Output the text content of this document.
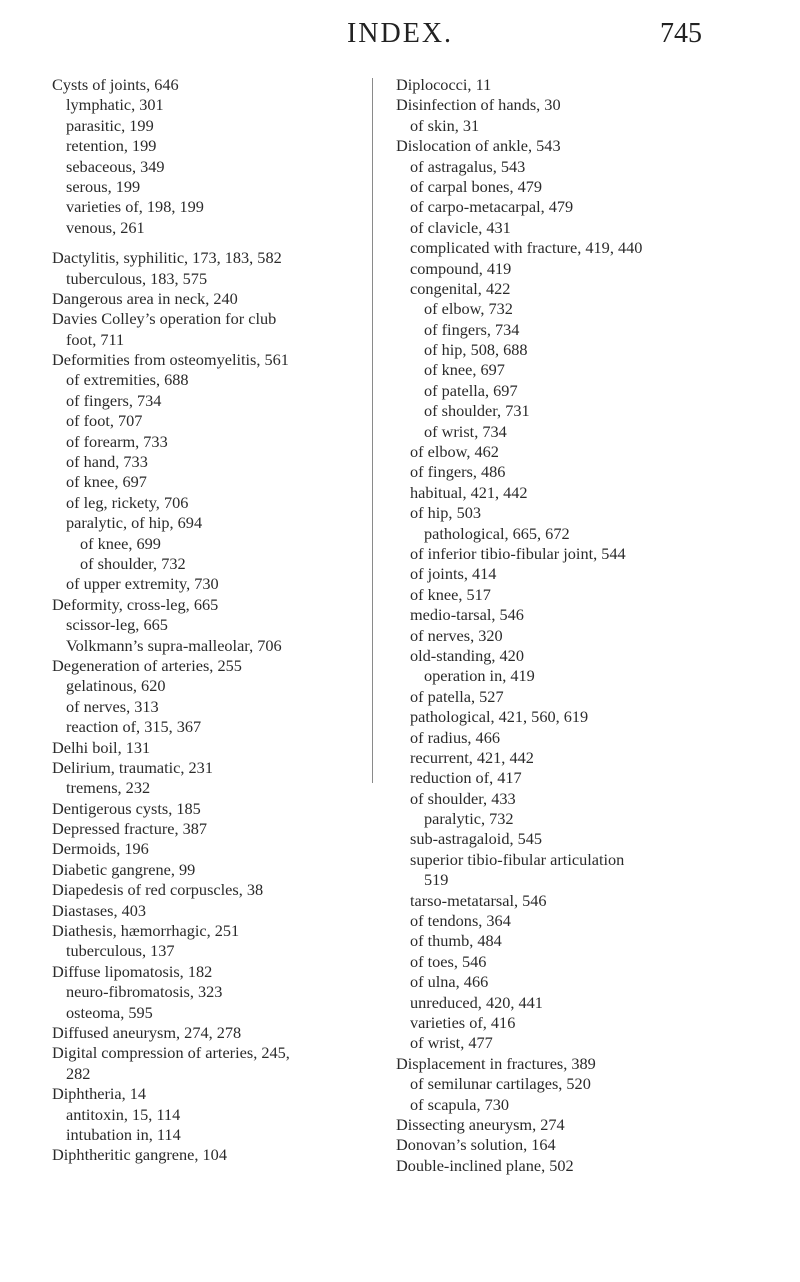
INDEX.	745
Cysts of joints, 646
lymphatic, 301
parasitic, 199
retention, 199
sebaceous, 349
serous, 199
varieties of, 198, 199
venous, 261
Dactylitis, syphilitic, 173, 183, 582
tuberculous, 183, 575
Dangerous area in neck, 240
Davies Colley’s operation for club
foot, 711
Deformities from osteomyelitis, 561
of extremities, 688
of fingers, 734
of foot, 707
of forearm, 733
of hand, 733
of knee, 697
of leg, rickety, 706
paralytic, of hip, 694
of knee, 699
of shoulder, 732
of upper extremity, 730
Deformity, cross-leg, 665
scissor-leg, 665
Volkmann’s supra-malleolar, 706
Degeneration of arteries, 255
gelatinous, 620
of nerves, 313
reaction of, 315, 367
Delhi boil, 131
Delirium, traumatic, 231
tremens, 232
Dentigerous cysts, 185
Depressed fracture, 387
Dermoids, 196
Diabetic gangrene, 99
Diapedesis of red corpuscles, 38
Diastases, 403
Diathesis, hæmorrhagic, 251
tuberculous, 137
Diffuse lipomatosis, 182
neuro-fibromatosis, 323
osteoma, 595
Diffused aneurysm, 274, 278
Digital compression of arteries, 245,
282
Diphtheria, 14
antitoxin, 15, 114
intubation in, 114
Diphtheritic gangrene, 104
Diplococci, 11
Disinfection of hands, 30
of skin, 31
Dislocation of ankle, 543
of astragalus, 543
of carpal bones, 479
of carpo-metacarpal, 479
of clavicle, 431
complicated with fracture, 419, 440
compound, 419
congenital, 422
of elbow, 732
of fingers, 734
of hip, 508, 688
of knee, 697
of patella, 697
of shoulder, 731
of wrist, 734
of elbow, 462
of fingers, 486
habitual, 421, 442
of hip, 503
pathological, 665, 672
of inferior tibio-fibular joint, 544
of joints, 414
of knee, 517
medio-tarsal, 546
of nerves, 320
old-standing, 420
operation in, 419
of patella, 527
pathological, 421, 560, 619
of radius, 466
recurrent, 421, 442
reduction of, 417
of shoulder, 433
paralytic, 732
sub-astragaloid, 545
superior tibio-fibular articulation
519
tarso-metatarsal, 546
of tendons, 364
of thumb, 484
of toes, 546
of ulna, 466
unreduced, 420, 441
varieties of, 416
of wrist, 477
Displacement in fractures, 389
of semilunar cartilages, 520
of scapula, 730
Dissecting aneurysm, 274
Donovan’s solution, 164
Double-inclined plane, 502
